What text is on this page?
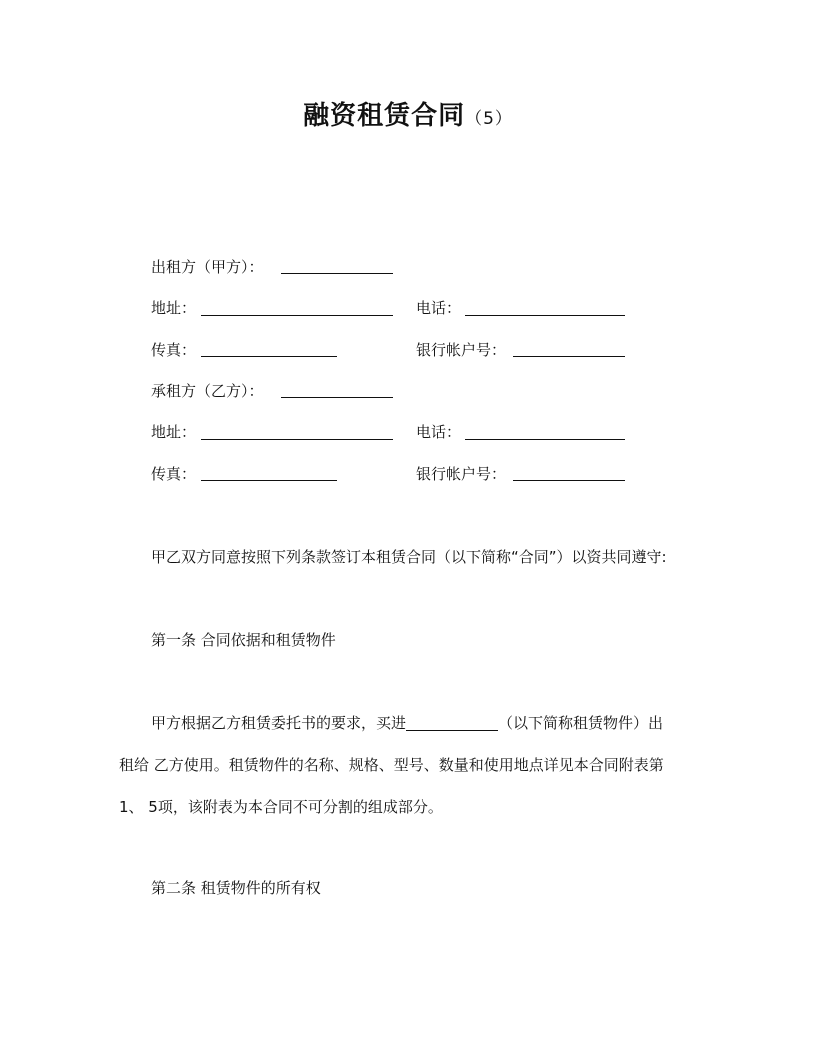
融资租赁合同（5）
出租方（甲方）：
地址：	电话：
传真：	银行帐户号：
承租方（乙方）：
地址：	电话：
传真：	银行帐户号：
甲乙双方同意按照下列条款签订本租赁合同（以下简称“合同”）以资共同遵守:
第一条 合同依据和租赁物件
甲方根据乙方租赁委托书的要求，买进	（以下简称租赁物件）出
租给 乙方使用。租赁物件的名称、规格、型号、数量和使用地点详见本合同附表第
1、 5项，该附表为本合同不可分割的组成部分。
第二条 租赁物件的所有权
